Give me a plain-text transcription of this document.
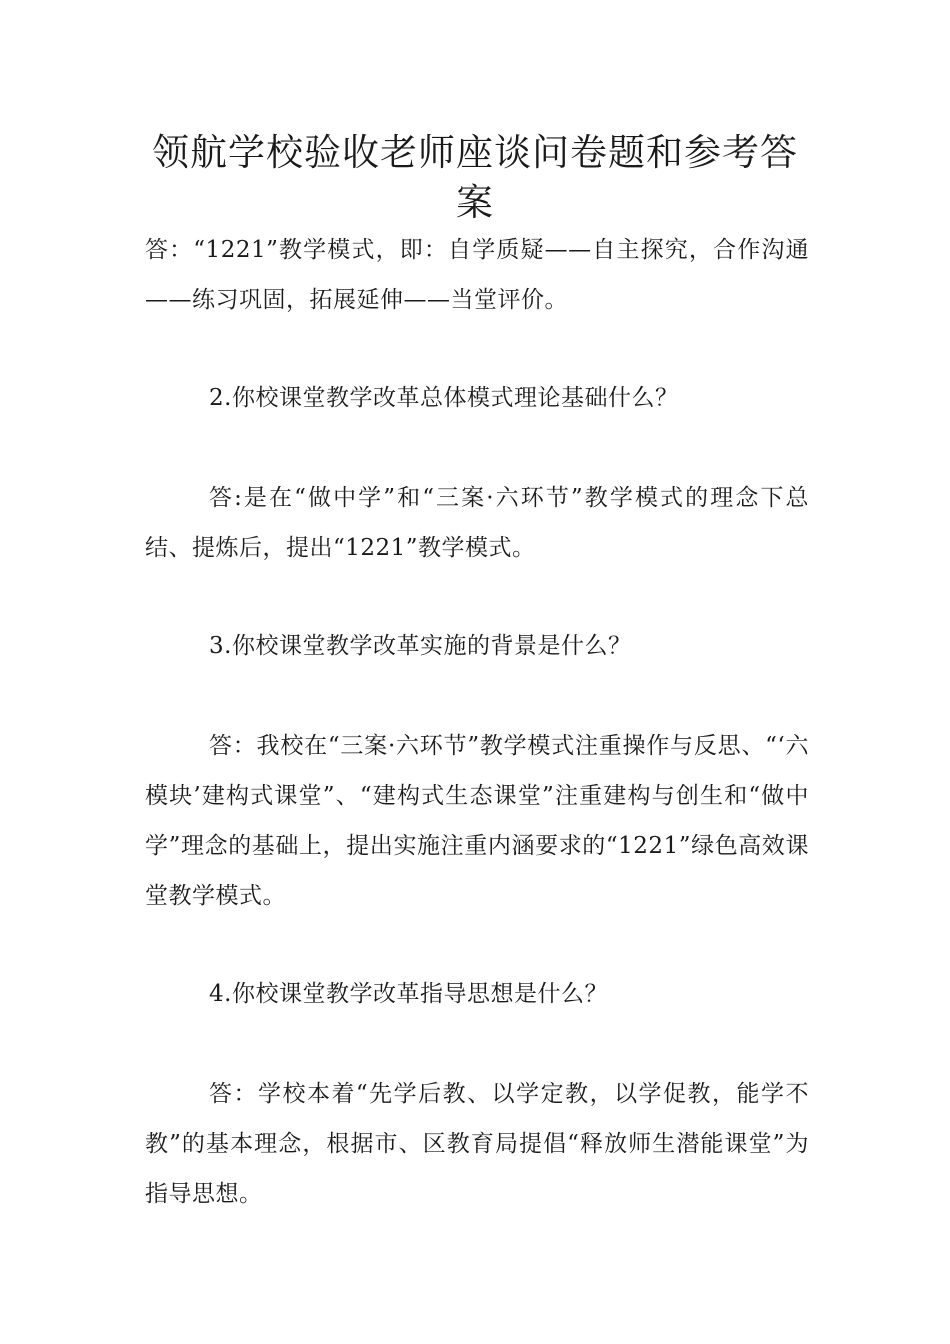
领航学校验收老师座谈问卷题和参考答案

答：“1221”教学模式，即：自学质疑——自主探究，合作沟通——练习巩固，拓展延伸——当堂评价。

2.你校课堂教学改革总体模式理论基础什么？

答:是在“做中学”和“三案·六环节”教学模式的理念下总结、提炼后，提出“1221”教学模式。

3.你校课堂教学改革实施的背景是什么？

答：我校在“三案·六环节”教学模式注重操作与反思、“‘六模块’建构式课堂”、“建构式生态课堂”注重建构与创生和“做中学”理念的基础上，提出实施注重内涵要求的“1221”绿色高效课堂教学模式。

4.你校课堂教学改革指导思想是什么？

答：学校本着“先学后教、以学定教，以学促教，能学不教”的基本理念，根据市、区教育局提倡“释放师生潜能课堂”为指导思想。
